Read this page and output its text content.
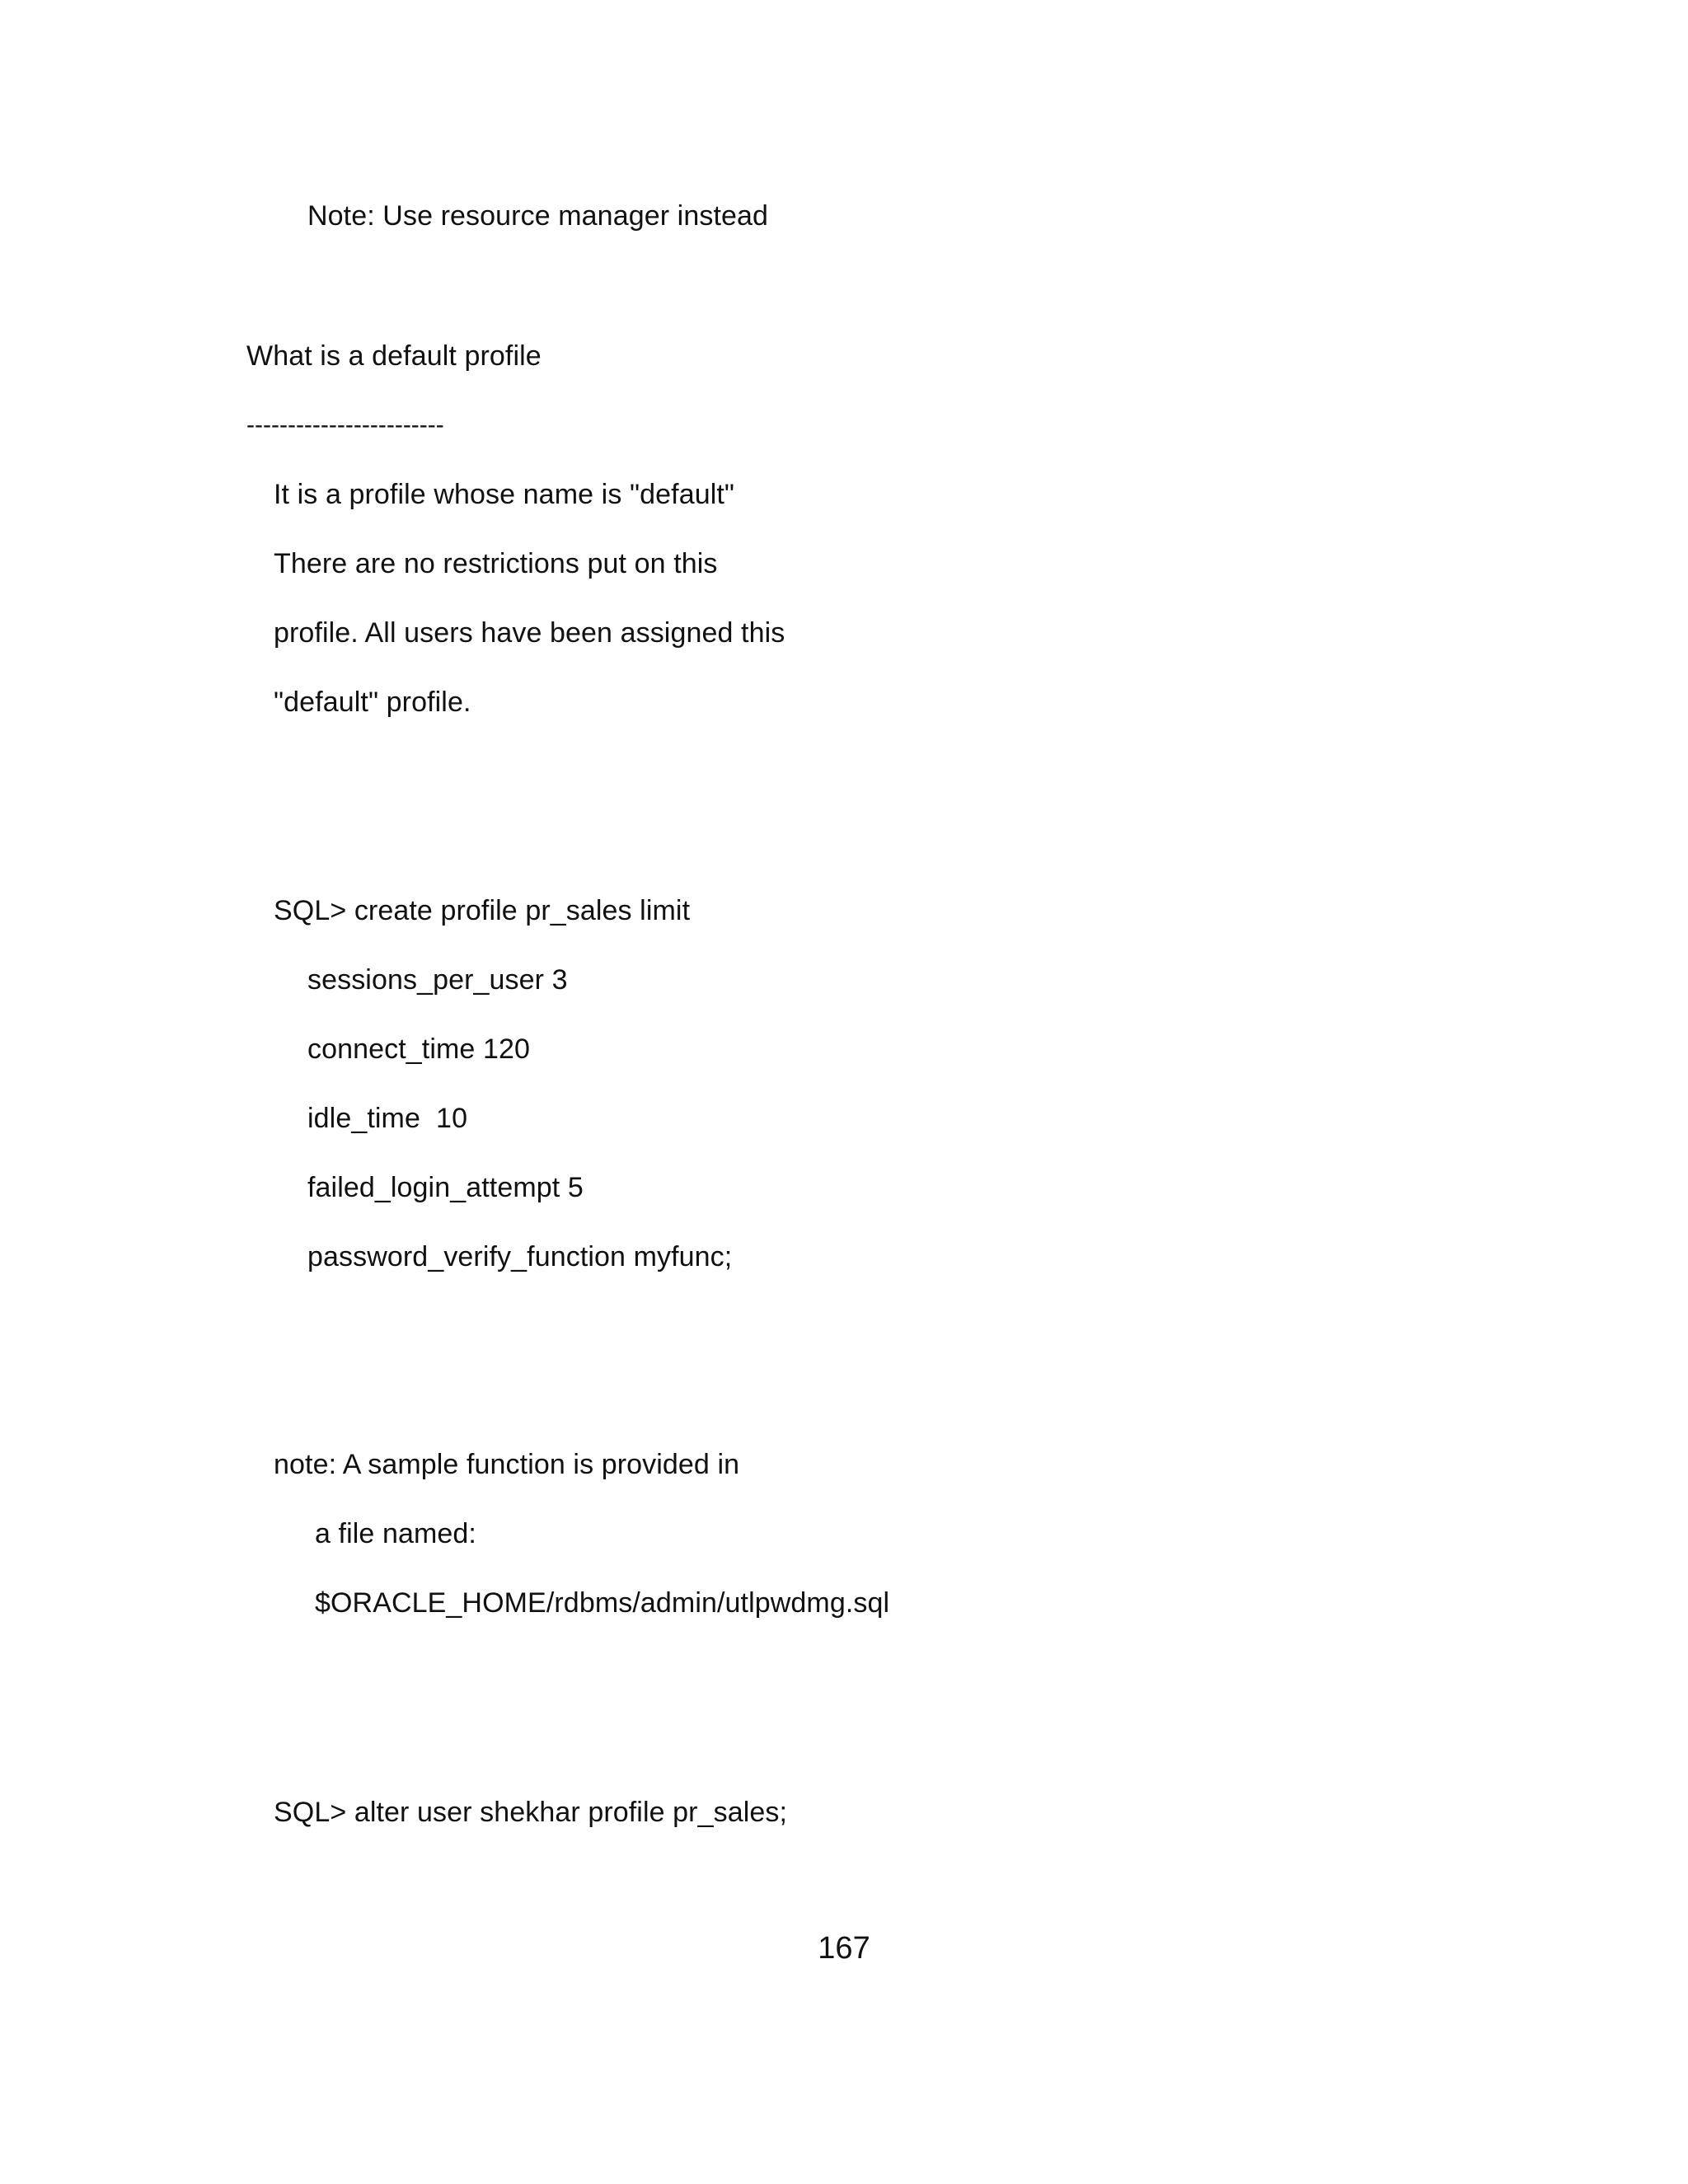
Note: Use resource manager instead
What is a default profile
------------------------
It is a profile whose name is "default"
There are no restrictions put on this
profile. All users have been assigned this
"default" profile.
SQL> create profile pr_sales limit
sessions_per_user 3
connect_time 120
idle_time  10
failed_login_attempt 5
password_verify_function myfunc;
note: A sample function is provided in
a file named:
$ORACLE_HOME/rdbms/admin/utlpwdmg.sql
SQL> alter user shekhar profile pr_sales;
167
